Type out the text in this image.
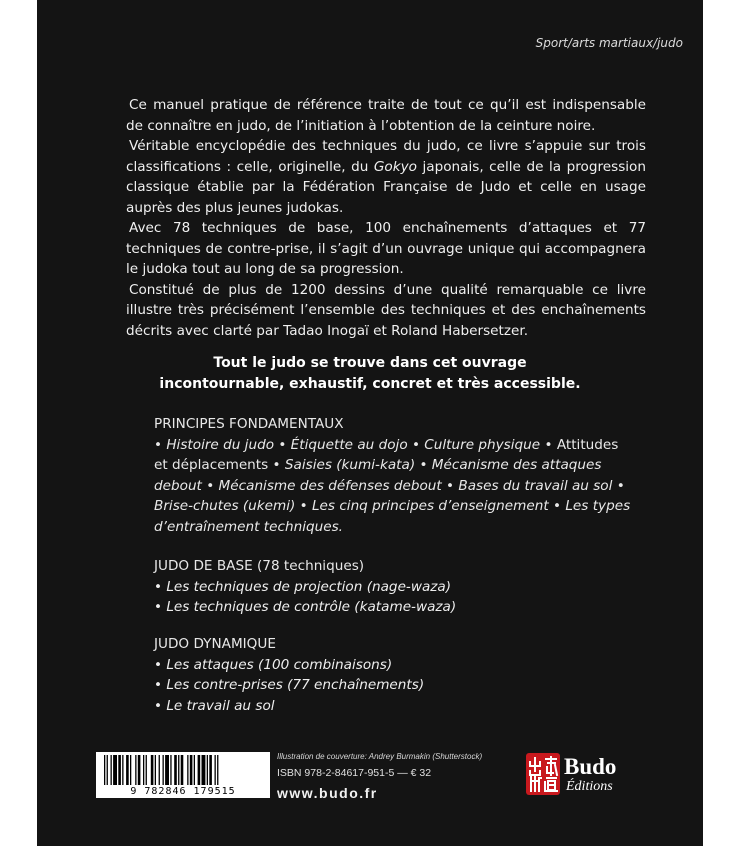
Sport/arts martiaux/judo

Ce manuel pratique de référence traite de tout ce qu’il est indispensable de connaître en judo, de l’initiation à l’obtention de la ceinture noire.

Véritable encyclopédie des techniques du judo, ce livre s’appuie sur trois classifications : celle, originelle, du Gokyo japonais, celle de la progression classique établie par la Fédération Française de Judo et celle en usage auprès des plus jeunes judokas.

Avec 78 techniques de base, 100 enchaînements d’attaques et 77 techniques de contre-prise, il s’agit d’un ouvrage unique qui accompagnera le judoka tout au long de sa progression.

Constitué de plus de 1200 dessins d’une qualité remarquable ce livre illustre très précisément l’ensemble des techniques et des enchaînements décrits avec clarté par Tadao Inogaï et Roland Habersetzer.

Tout le judo se trouve dans cet ouvrage
incontournable, exhaustif, concret et très accessible.
PRINCIPES FONDAMENTAUX
• Histoire du judo • Étiquette au dojo • Culture physique • Attitudes et déplacements • Saisies (kumi-kata) • Mécanisme des attaques debout • Mécanisme des défenses debout • Bases du travail au sol • Brise-chutes (ukemi) • Les cinq principes d’enseignement • Les types d’entraînement techniques.
JUDO DE BASE (78 techniques)
• Les techniques de projection (nage-waza)
• Les techniques de contrôle (katame-waza)
JUDO DYNAMIQUE
• Les attaques (100 combinaisons)
• Les contre-prises (77 enchaînements)
• Le travail au sol
9 782846 179515
Illustration de couverture: Andrey Burmakin (Shutterstock)
ISBN 978-2-84617-951-5 — € 32
www.budo.fr
Budo
Éditions
